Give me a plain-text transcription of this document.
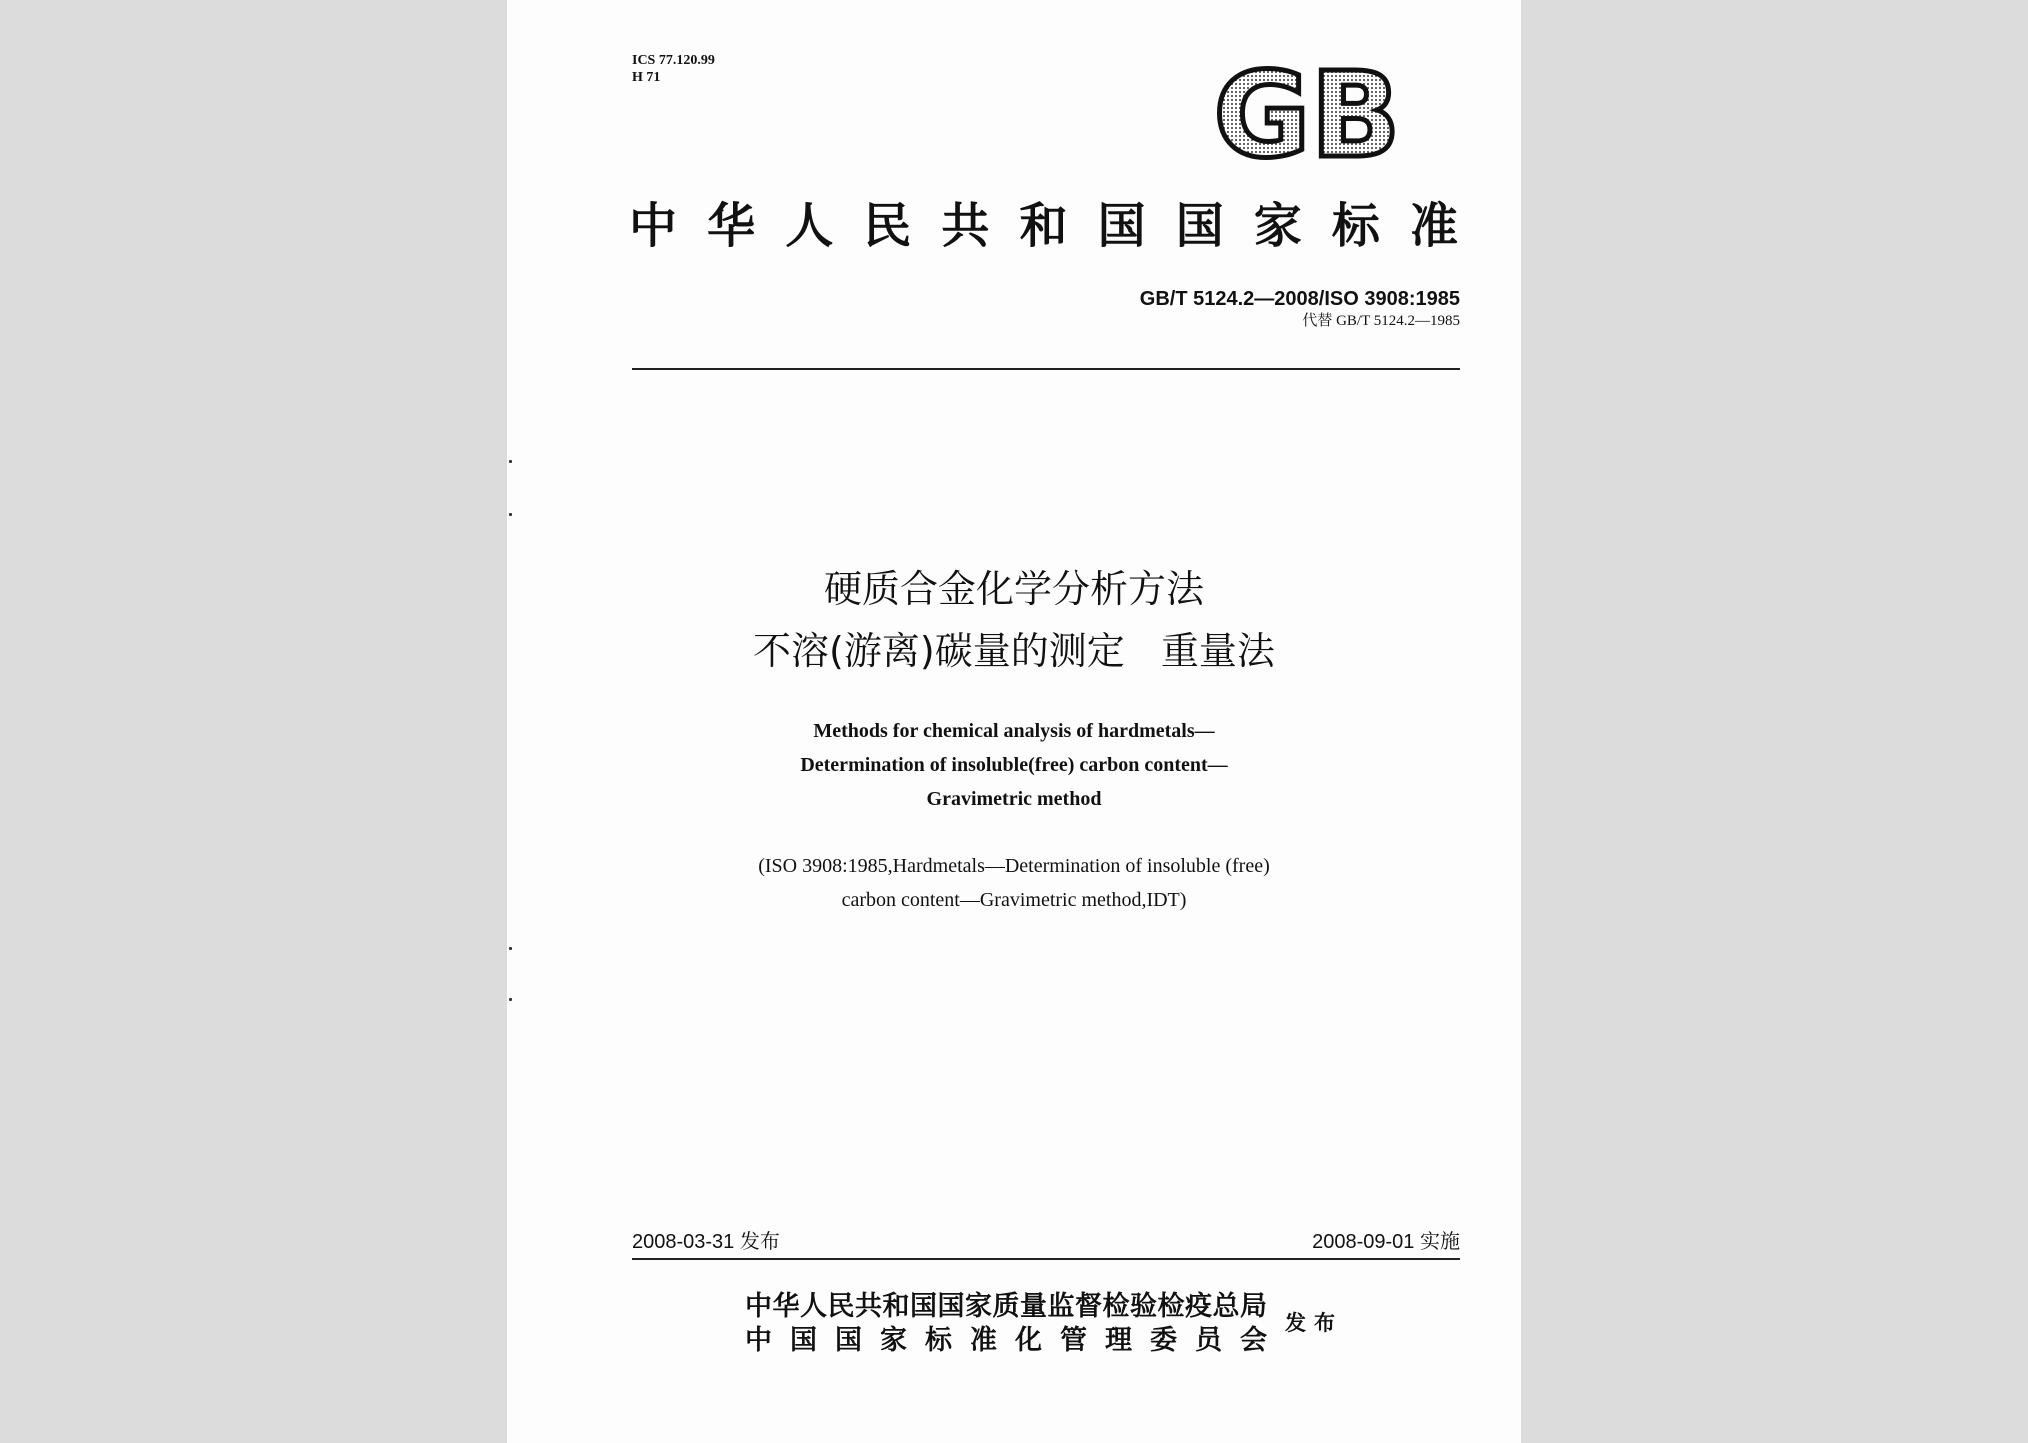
ICS 77.120.99
H 71	GB
中华人民共和国国家标准
GB/T 5124.2—2008/ISO 3908:1985
代替 GB/T 5124.2—1985
硬质合金化学分析方法
不溶(游离)碳量的测定   重量法
Methods for chemical analysis of hardmetals—
Determination of insoluble(free) carbon content—
Gravimetric method
(ISO 3908:1985,Hardmetals—Determination of insoluble (free)
carbon content—Gravimetric method,IDT)
2008-03-31 发布	2008-09-01 实施
中华人民共和国国家质量监督检验检疫总局
中国国家标准化管理委员会
发布
